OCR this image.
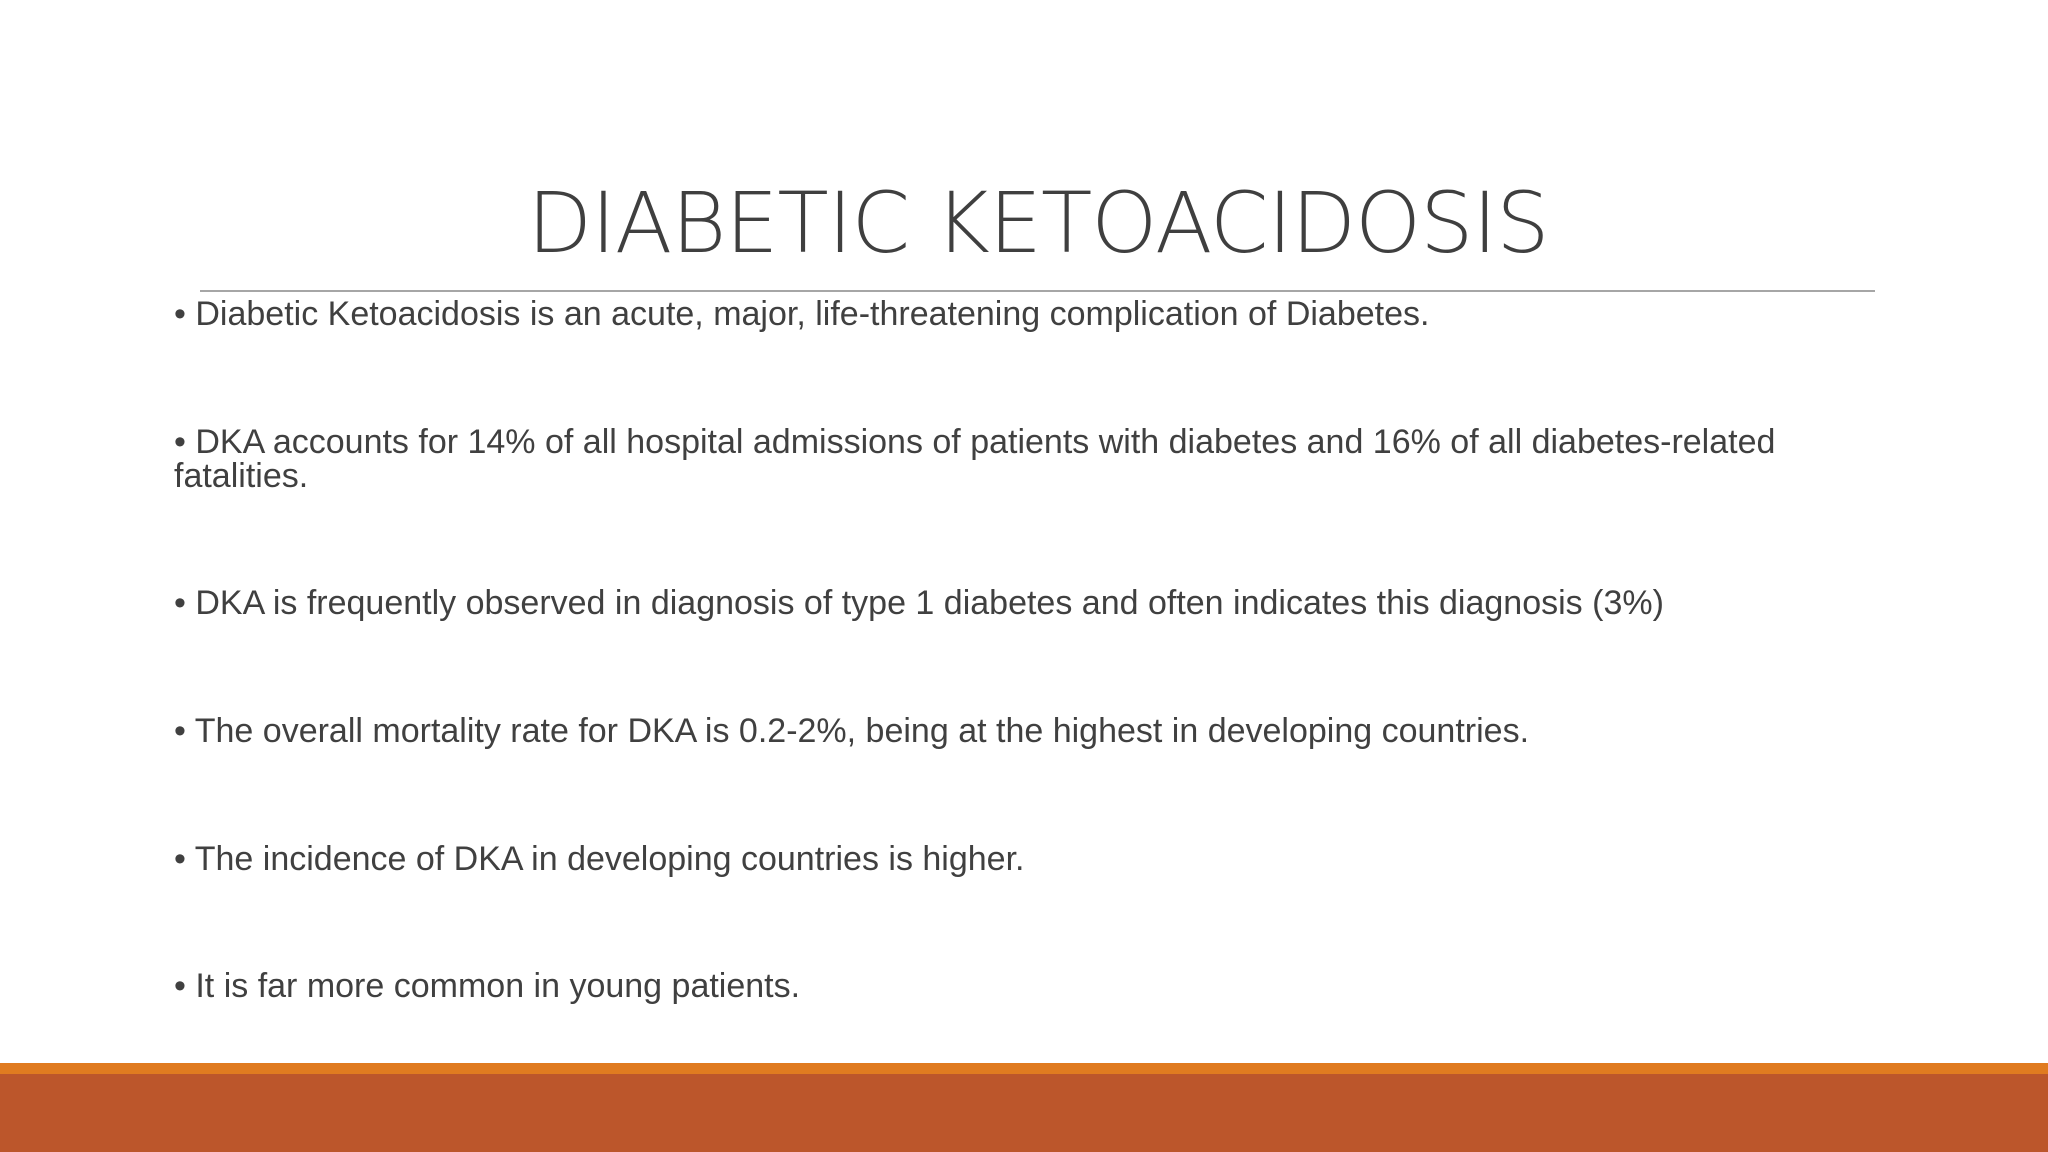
DIABETIC KETOACIDOSIS
• Diabetic Ketoacidosis is an acute, major, life-threatening complication of Diabetes.
• DKA accounts for 14% of all hospital admissions of patients with diabetes and 16% of all diabetes-related fatalities.
• DKA is frequently observed in diagnosis of type 1 diabetes and often indicates this diagnosis (3%)
• The overall mortality rate for DKA is 0.2-2%, being at the highest in developing countries.
• The incidence of DKA in developing countries is higher.
• It is far more common in young patients.
